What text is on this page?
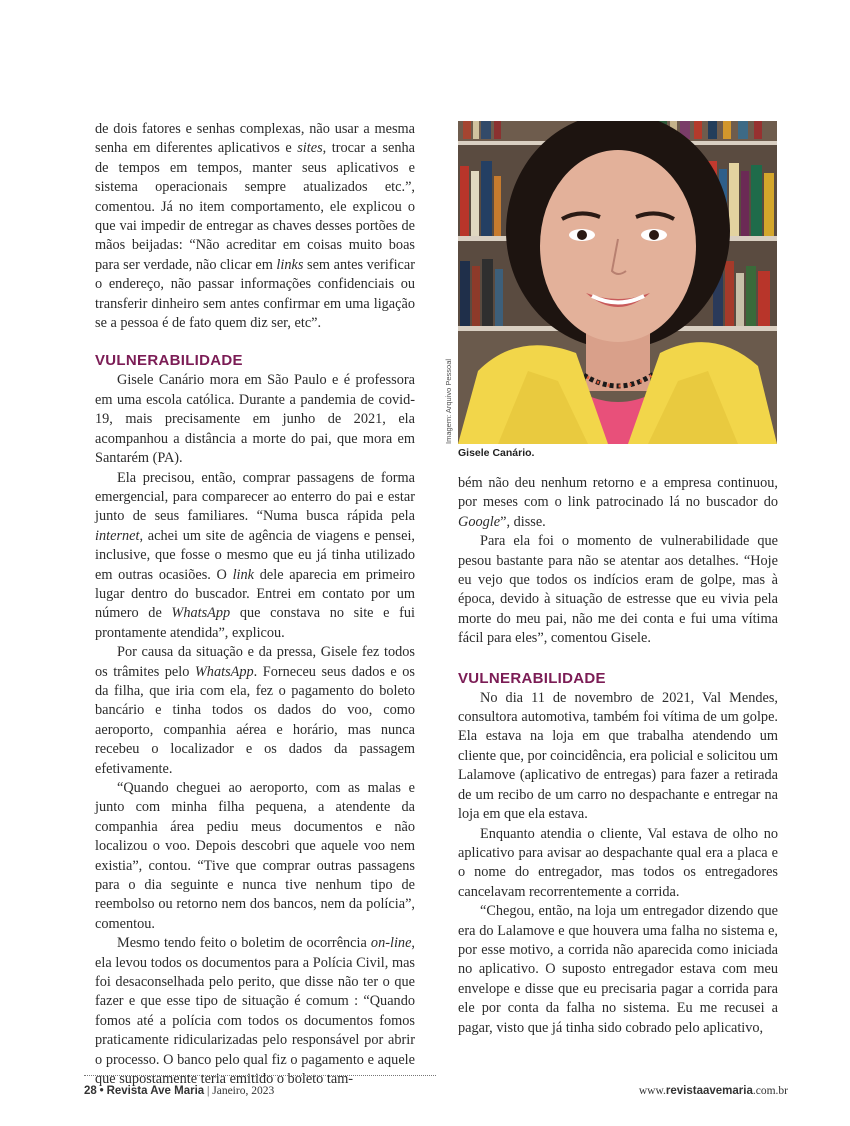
de dois fatores e senhas complexas, não usar a mesma senha em diferentes aplicativos e sites, trocar a senha de tempos em tempos, manter seus aplicativos e sistema operacionais sempre atualizados etc.”, comentou. Já no item comportamento, ele explicou o que vai impedir de entregar as chaves desses portões de mãos beijadas: “Não acreditar em coisas muito boas para ser verdade, não clicar em links sem antes verificar o endereço, não passar informações confidenciais ou transferir dinheiro sem antes confirmar em uma ligação se a pessoa é de fato quem diz ser, etc”.

VULNERABILIDADE

Gisele Canário mora em São Paulo e é professora em uma escola católica. Durante a pandemia de covid-19, mais precisamente em junho de 2021, ela acompanhou a distância a morte do pai, que mora em Santarém (PA).

Ela precisou, então, comprar passagens de forma emergencial, para comparecer ao enterro do pai e estar junto de seus familiares. “Numa busca rápida pela internet, achei um site de agência de viagens e pensei, inclusive, que fosse o mesmo que eu já tinha utilizado em outras ocasiões. O link dele aparecia em primeiro lugar dentro do buscador. Entrei em contato por um número de WhatsApp que constava no site e fui prontamente atendida”, explicou.

Por causa da situação e da pressa, Gisele fez todos os trâmites pelo WhatsApp. Forneceu seus dados e os da filha, que iria com ela, fez o pagamento do boleto bancário e tinha todos os dados do voo, como aeroporto, companhia aérea e horário, mas nunca recebeu o localizador e os dados da passagem efetivamente.

“Quando cheguei ao aeroporto, com as malas e junto com minha filha pequena, a atendente da companhia área pediu meus documentos e não localizou o voo. Depois descobri que aquele voo nem existia”, contou. “Tive que comprar outras passagens para o dia seguinte e nunca tive nenhum tipo de reembolso ou retorno nem dos bancos, nem da polícia”, comentou.

Mesmo tendo feito o boletim de ocorrência on-line, ela levou todos os documentos para a Polícia Civil, mas foi desaconselhada pelo perito, que disse não ter o que fazer e que esse tipo de situação é comum : “Quando fomos até a polícia com todos os documentos fomos praticamente ridicularizadas pelo responsável por abrir o processo. O banco pelo qual fiz o pagamento e aquele que supostamente teria emitido o boleto tam-

Imagem: Arquivo Pessoal
Gisele Canário.

bém não deu nenhum retorno e a empresa continuou, por meses com o link patrocinado lá no buscador do Google”, disse.

Para ela foi o momento de vulnerabilidade que pesou bastante para não se atentar aos detalhes. “Hoje eu vejo que todos os indícios eram de golpe, mas à época, devido à situação de estresse que eu vivia pela morte do meu pai, não me dei conta e fui uma vítima fácil para eles”, comentou Gisele.

VULNERABILIDADE

No dia 11 de novembro de 2021, Val Mendes, consultora automotiva, também foi vítima de um golpe. Ela estava na loja em que trabalha atendendo um cliente que, por coincidência, era policial e solicitou um Lalamove (aplicativo de entregas) para fazer a retirada de um recibo de um carro no despachante e entregar na loja em que ela estava.

Enquanto atendia o cliente, Val estava de olho no aplicativo para avisar ao despachante qual era a placa e o nome do entregador, mas todos os entregadores cancelavam recorrentemente a corrida.

“Chegou, então, na loja um entregador dizendo que era do Lalamove e que houvera uma falha no sistema e, por esse motivo, a corrida não aparecida como iniciada no aplicativo. O suposto entregador estava com meu envelope e disse que eu precisaria pagar a corrida para ele por conta da falha no sistema. Eu me recusei a pagar, visto que já tinha sido cobrado pelo aplicativo,

28 • Revista Ave Maria | Janeiro, 2023	www.revistaavemaria.com.br
